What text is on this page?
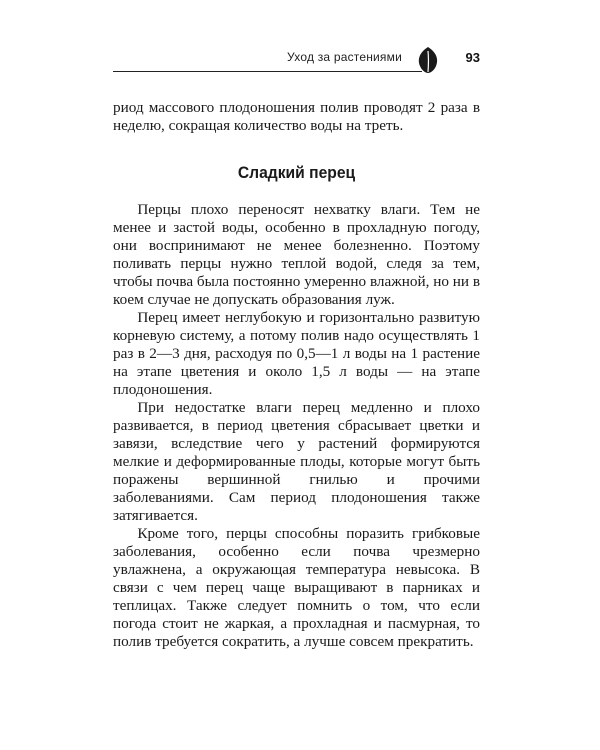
Уход за растениями	93

риод массового плодоношения полив проводят 2 раза в неделю, сокращая количество воды на треть.

Сладкий перец

Перцы плохо переносят нехватку влаги. Тем не менее и застой воды, особенно в прохладную погоду, они воспринимают не менее болезненно. Поэтому поливать перцы нужно теплой водой, следя за тем, чтобы почва была постоянно умеренно влажной, но ни в коем случае не допускать образования луж.

Перец имеет неглубокую и горизонтально развитую корневую систему, а потому полив надо осуществлять 1 раз в 2—3 дня, расходуя по 0,5—1 л воды на 1 растение на этапе цветения и около 1,5 л воды — на этапе плодоношения.

При недостатке влаги перец медленно и плохо развивается, в период цветения сбрасывает цветки и завязи, вследствие чего у растений формируются мелкие и деформированные плоды, которые могут быть поражены вершинной гнилью и прочими заболеваниями. Сам период плодоношения также затягивается.

Кроме того, перцы способны поразить грибковые заболевания, особенно если почва чрезмерно увлажнена, а окружающая температура невысока. В связи с чем перец чаще выращивают в парниках и теплицах. Также следует помнить о том, что если погода стоит не жаркая, а прохладная и пасмурная, то полив требуется сократить, а лучше совсем прекратить.
